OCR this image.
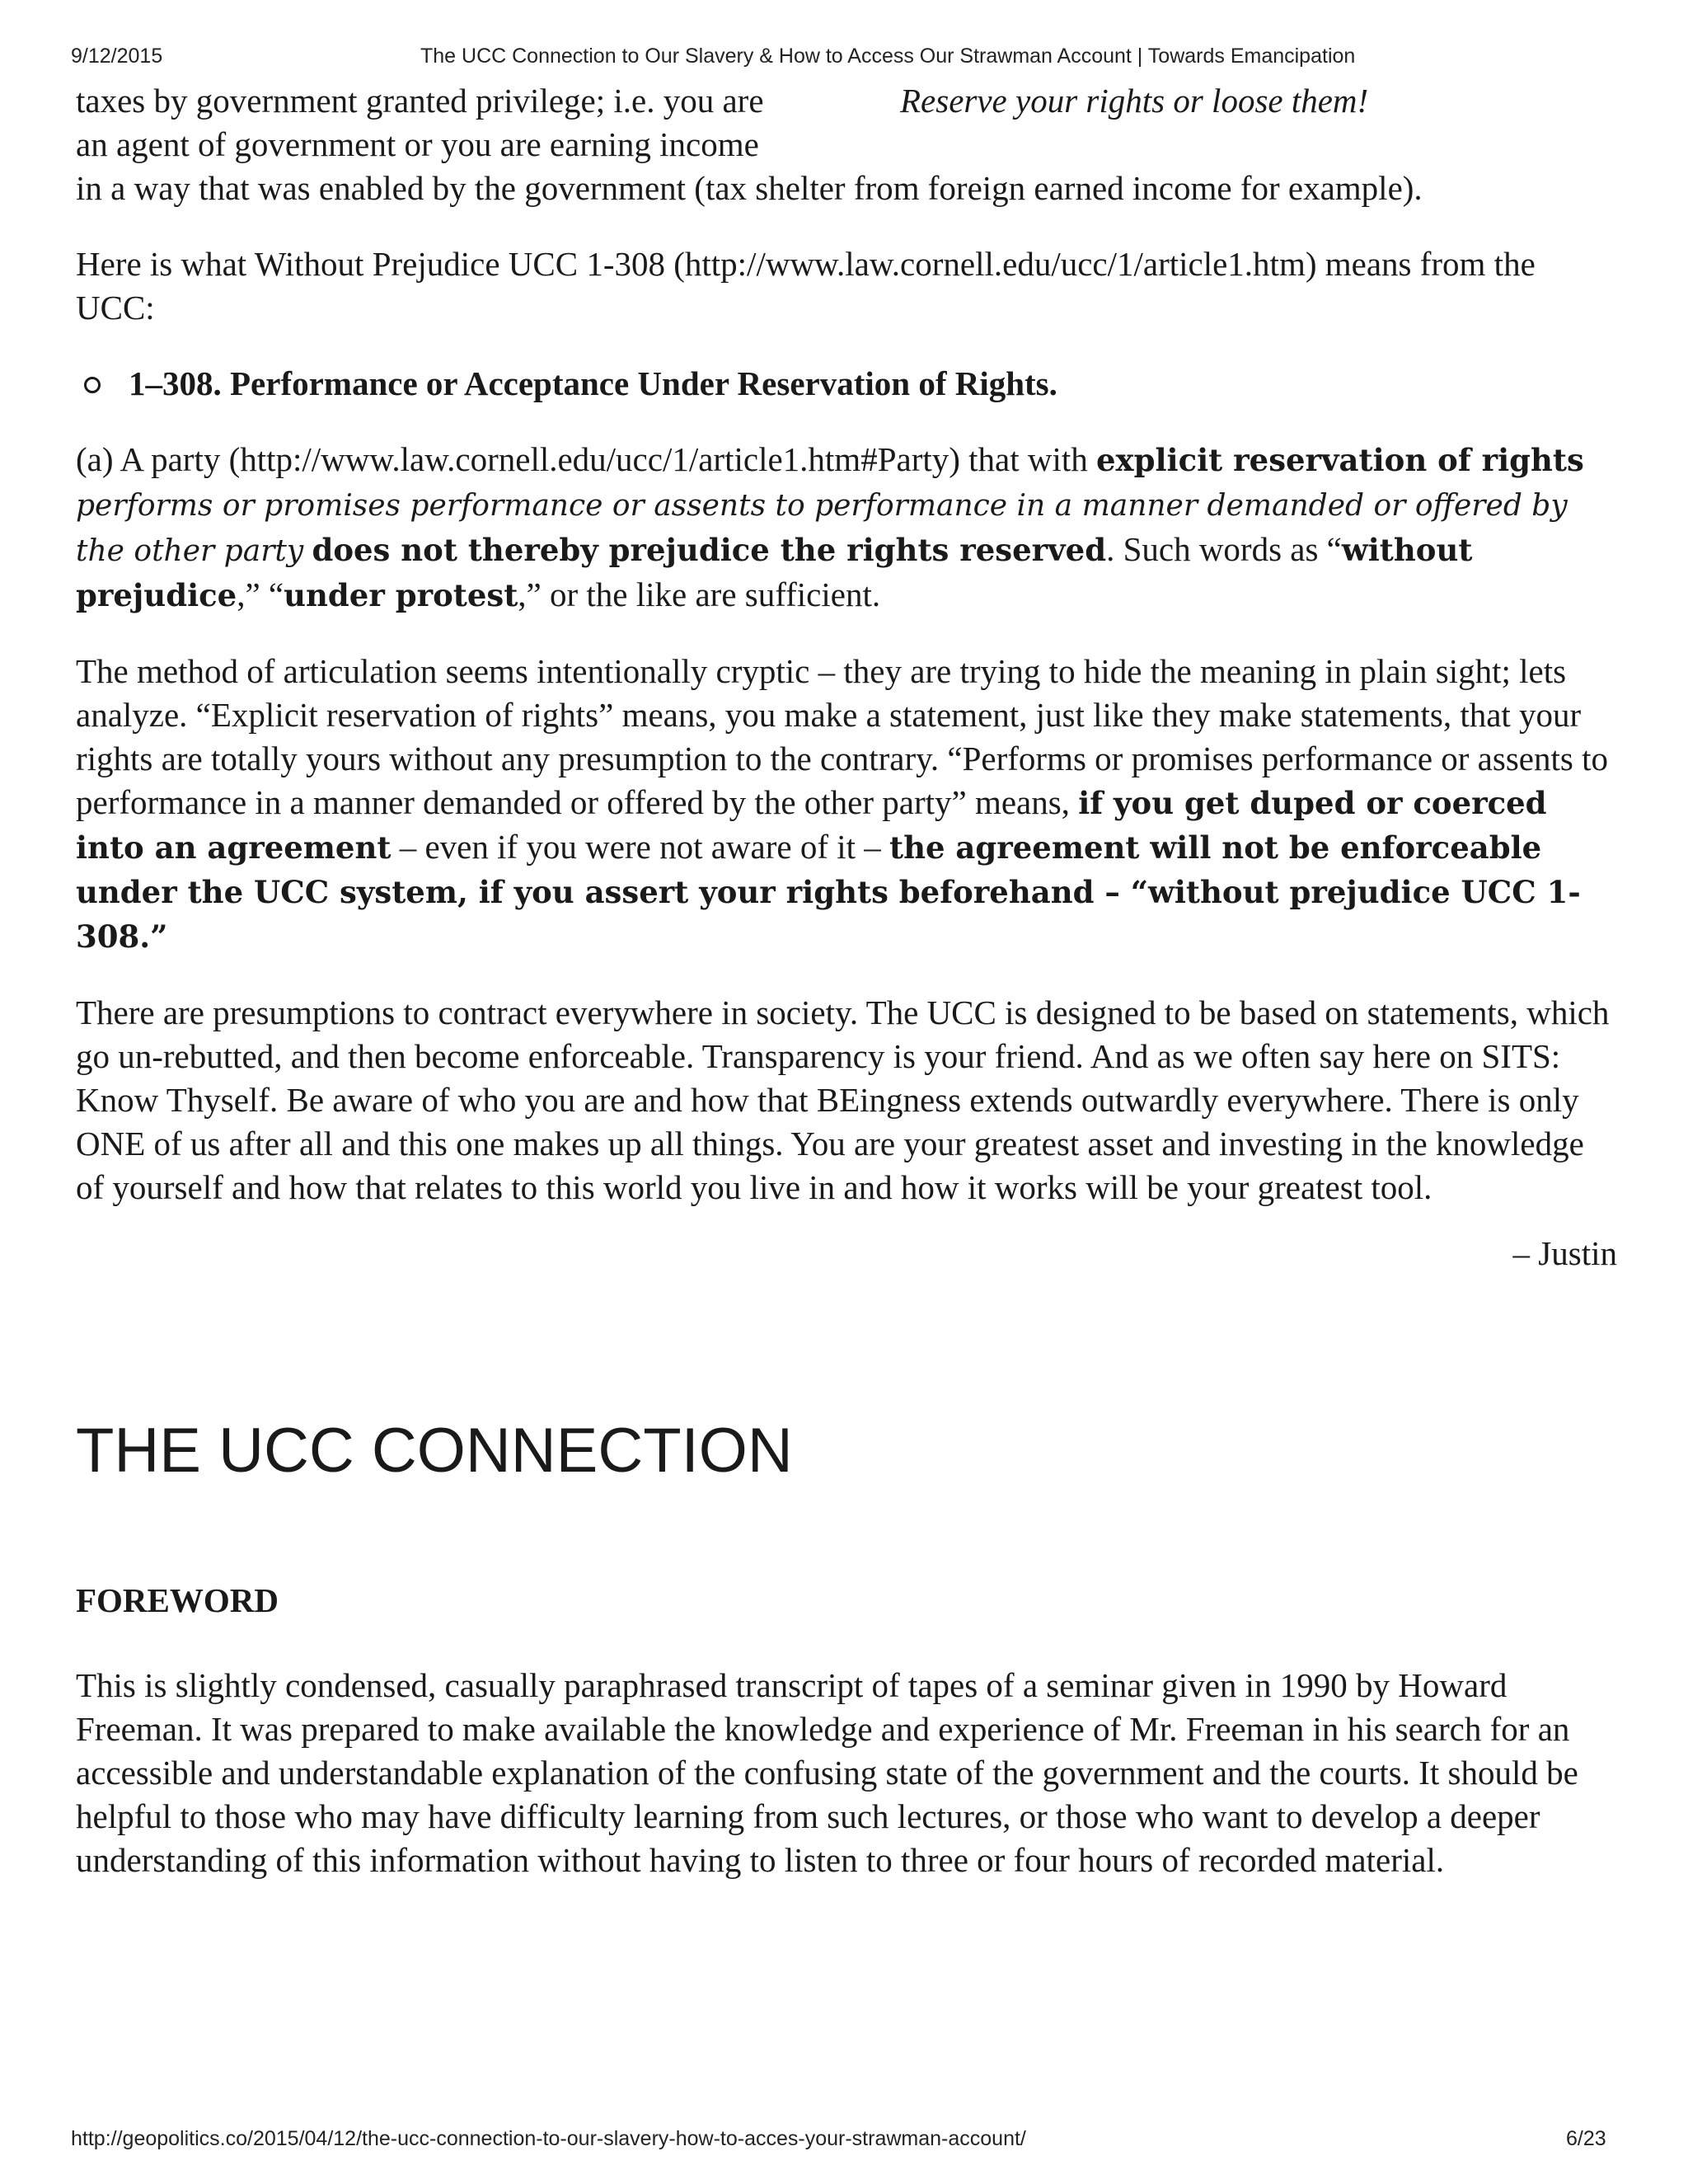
9/12/2015	The UCC Connection to Our Slavery & How to Access Our Strawman Account | Towards Emancipation
taxes by government granted privilege; i.e. you are
an agent of government or you are earning income
in a way that was enabled by the government (tax shelter from foreign earned income for example).
Reserve your rights or loose them!

Here is what Without Prejudice UCC 1-308 (http://www.law.cornell.edu/ucc/1/article1.htm) means from the UCC:

1–308. Performance or Acceptance Under Reservation of Rights.

(a) A party (http://www.law.cornell.edu/ucc/1/article1.htm#Party) that with explicit reservation of rights performs or promises performance or assents to performance in a manner demanded or offered by the other party does not thereby prejudice the rights reserved. Such words as “without prejudice,” “under protest,” or the like are sufficient.

The method of articulation seems intentionally cryptic – they are trying to hide the meaning in plain sight; lets analyze. “Explicit reservation of rights” means, you make a statement, just like they make statements, that your rights are totally yours without any presumption to the contrary. “Performs or promises performance or assents to performance in a manner demanded or offered by the other party” means, if you get duped or coerced into an agreement – even if you were not aware of it – the agreement will not be enforceable under the UCC system, if you assert your rights beforehand – “without prejudice UCC 1-308.”

There are presumptions to contract everywhere in society. The UCC is designed to be based on statements, which go un-rebutted, and then become enforceable. Transparency is your friend. And as we often say here on SITS: Know Thyself. Be aware of who you are and how that BEingness extends outwardly everywhere. There is only ONE of us after all and this one makes up all things. You are your greatest asset and investing in the knowledge of yourself and how that relates to this world you live in and how it works will be your greatest tool.

– Justin
THE UCC CONNECTION
FOREWORD

This is slightly condensed, casually paraphrased transcript of tapes of a seminar given in 1990 by Howard Freeman. It was prepared to make available the knowledge and experience of Mr. Freeman in his search for an accessible and understandable explanation of the confusing state of the government and the courts. It should be helpful to those who may have difficulty learning from such lectures, or those who want to develop a deeper understanding of this information without having to listen to three or four hours of recorded material.

http://geopolitics.co/2015/04/12/the-ucc-connection-to-our-slavery-how-to-acces-your-strawman-account/	6/23
